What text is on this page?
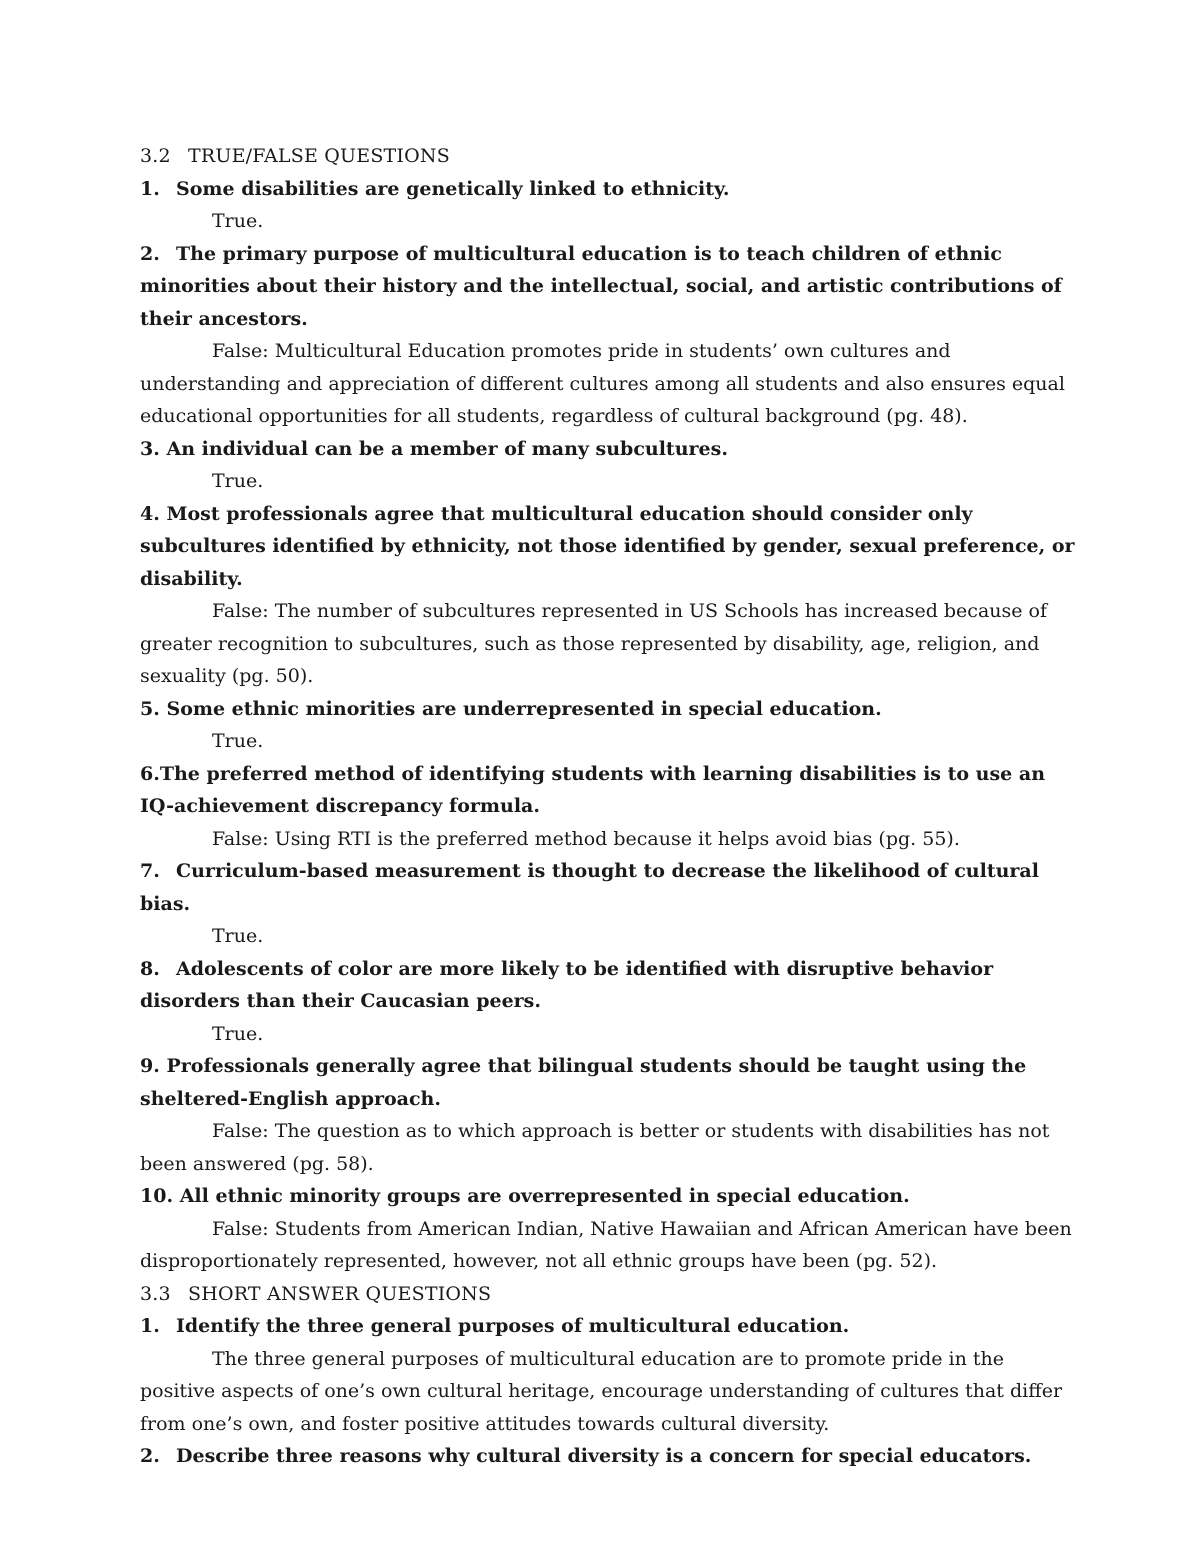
3.2 TRUE/FALSE QUESTIONS
1. Some disabilities are genetically linked to ethnicity.
True.
2. The primary purpose of multicultural education is to teach children of ethnic minorities about their history and the intellectual, social, and artistic contributions of their ancestors.
False: Multicultural Education promotes pride in students’ own cultures and understanding and appreciation of different cultures among all students and also ensures equal educational opportunities for all students, regardless of cultural background (pg. 48).
3. An individual can be a member of many subcultures.
True.
4. Most professionals agree that multicultural education should consider only subcultures identified by ethnicity, not those identified by gender, sexual preference, or disability.
False: The number of subcultures represented in US Schools has increased because of greater recognition to subcultures, such as those represented by disability, age, religion, and sexuality (pg. 50).
5. Some ethnic minorities are underrepresented in special education.
True.
6.The preferred method of identifying students with learning disabilities is to use an IQ-achievement discrepancy formula.
False: Using RTI is the preferred method because it helps avoid bias (pg. 55).
7. Curriculum-based measurement is thought to decrease the likelihood of cultural bias.
True.
8. Adolescents of color are more likely to be identified with disruptive behavior disorders than their Caucasian peers.
True.
9. Professionals generally agree that bilingual students should be taught using the sheltered-English approach.
False: The question as to which approach is better or students with disabilities has not been answered (pg. 58).
10. All ethnic minority groups are overrepresented in special education.
False: Students from American Indian, Native Hawaiian and African American have been disproportionately represented, however, not all ethnic groups have been (pg. 52).
3.3 SHORT ANSWER QUESTIONS
1. Identify the three general purposes of multicultural education.
The three general purposes of multicultural education are to promote pride in the positive aspects of one’s own cultural heritage, encourage understanding of cultures that differ from one’s own, and foster positive attitudes towards cultural diversity.
2. Describe three reasons why cultural diversity is a concern for special educators.
